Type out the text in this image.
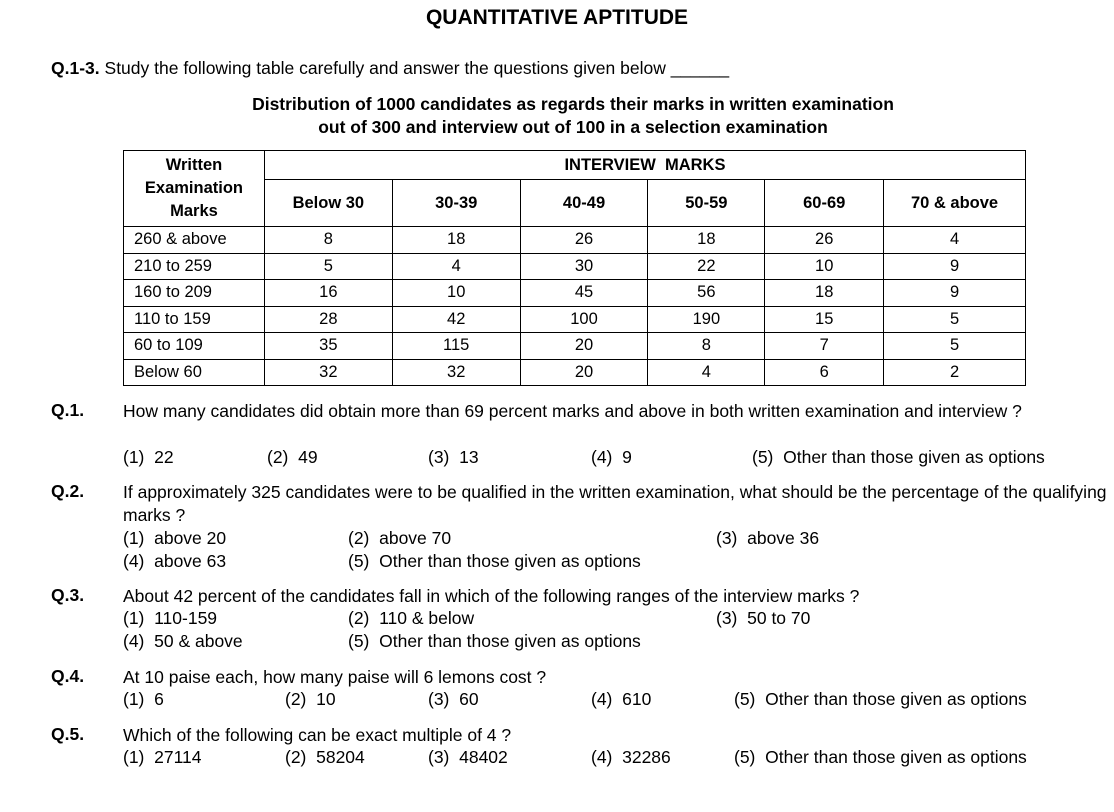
QUANTITATIVE APTITUDE
Q.1-3. Study the following table carefully and answer the questions given below ______
Distribution of 1000 candidates as regards their marks in written examination
out of 300 and interview out of 100 in a selection examination
Written Examination Marks	INTERVIEW  MARKS					
	Below 30	30-39	40-49	50-59	60-69	70 & above
260 & above	8	18	26	18	26	4
210 to 259	5	4	30	22	10	9
160 to 209	16	10	45	56	18	9
110 to 159	28	42	100	190	15	5
60 to 109	35	115	20	8	7	5
Below 60	32	32	20	4	6	2
Q.1. How many candidates did obtain more than 69 percent marks and above in both written examination and interview ?
(1)  22	(2)  49	(3)  13	(4)  9	(5)  Other than those given as options
Q.2. If approximately 325 candidates were to be qualified in the written examination, what should be the percentage of the qualifying marks ?
(1)  above 20	(2)  above 70	(3)  above 36
(4)  above 63	(5)  Other than those given as options
Q.3. About 42 percent of the candidates fall in which of the following ranges of the interview marks ?
(1)  110-159	(2)  110 & below	(3)  50 to 70
(4)  50 & above	(5)  Other than those given as options
Q.4. At 10 paise each, how many paise will 6 lemons cost ?
(1)  6	(2)  10	(3)  60	(4)  610	(5)  Other than those given as options
Q.5. Which of the following can be exact multiple of 4 ?
(1)  27114	(2)  58204	(3)  48402	(4)  32286	(5)  Other than those given as options
